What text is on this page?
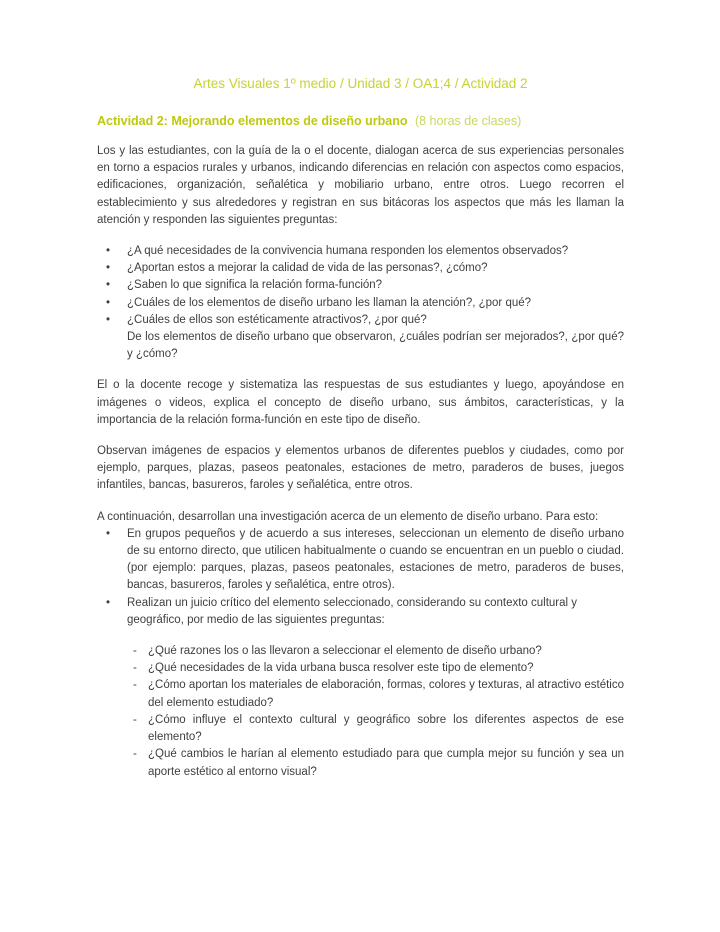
Artes Visuales 1º medio / Unidad 3 / OA1;4 / Actividad 2
Actividad 2: Mejorando elementos de diseño urbano (8 horas de clases)

Los y las estudiantes, con la guía de la o el docente, dialogan acerca de sus experiencias personales en torno a espacios rurales y urbanos, indicando diferencias en relación con aspectos como espacios, edificaciones, organización, señalética y mobiliario urbano, entre otros. Luego recorren el establecimiento y sus alrededores y registran en sus bitácoras los aspectos que más les llaman la atención y responden las siguientes preguntas:

•	¿A qué necesidades de la convivencia humana responden los elementos observados?
•	¿Aportan estos a mejorar la calidad de vida de las personas?, ¿cómo?
•	¿Saben lo que significa la relación forma-función?
•	¿Cuáles de los elementos de diseño urbano les llaman la atención?, ¿por qué?
•	¿Cuáles de ellos son estéticamente atractivos?, ¿por qué?
De los elementos de diseño urbano que observaron, ¿cuáles podrían ser mejorados?, ¿por qué? y ¿cómo?

El o la docente recoge y sistematiza las respuestas de sus estudiantes y luego, apoyándose en imágenes o videos, explica el concepto de diseño urbano, sus ámbitos, características, y la importancia de la relación forma-función en este tipo de diseño.

Observan imágenes de espacios y elementos urbanos de diferentes pueblos y ciudades, como por ejemplo, parques, plazas, paseos peatonales, estaciones de metro, paraderos de buses, juegos infantiles, bancas, basureros, faroles y señalética, entre otros.

A continuación, desarrollan una investigación acerca de un elemento de diseño urbano. Para esto:

•	En grupos pequeños y de acuerdo a sus intereses, seleccionan un elemento de diseño urbano de su entorno directo, que utilicen habitualmente o cuando se encuentran en un pueblo o ciudad. (por ejemplo: parques, plazas, paseos peatonales, estaciones de metro, paraderos de buses, bancas, basureros, faroles y señalética, entre otros).
•	Realizan un juicio crítico del elemento seleccionado, considerando su contexto cultural y geográfico, por medio de las siguientes preguntas:
- ¿Qué razones los o las llevaron a seleccionar el elemento de diseño urbano?
- ¿Qué necesidades de la vida urbana busca resolver este tipo de elemento?
- ¿Cómo aportan los materiales de elaboración, formas, colores y texturas, al atractivo estético del elemento estudiado?
- ¿Cómo influye el contexto cultural y geográfico sobre los diferentes aspectos de ese elemento?
- ¿Qué cambios le harían al elemento estudiado para que cumpla mejor su función y sea un aporte estético al entorno visual?
